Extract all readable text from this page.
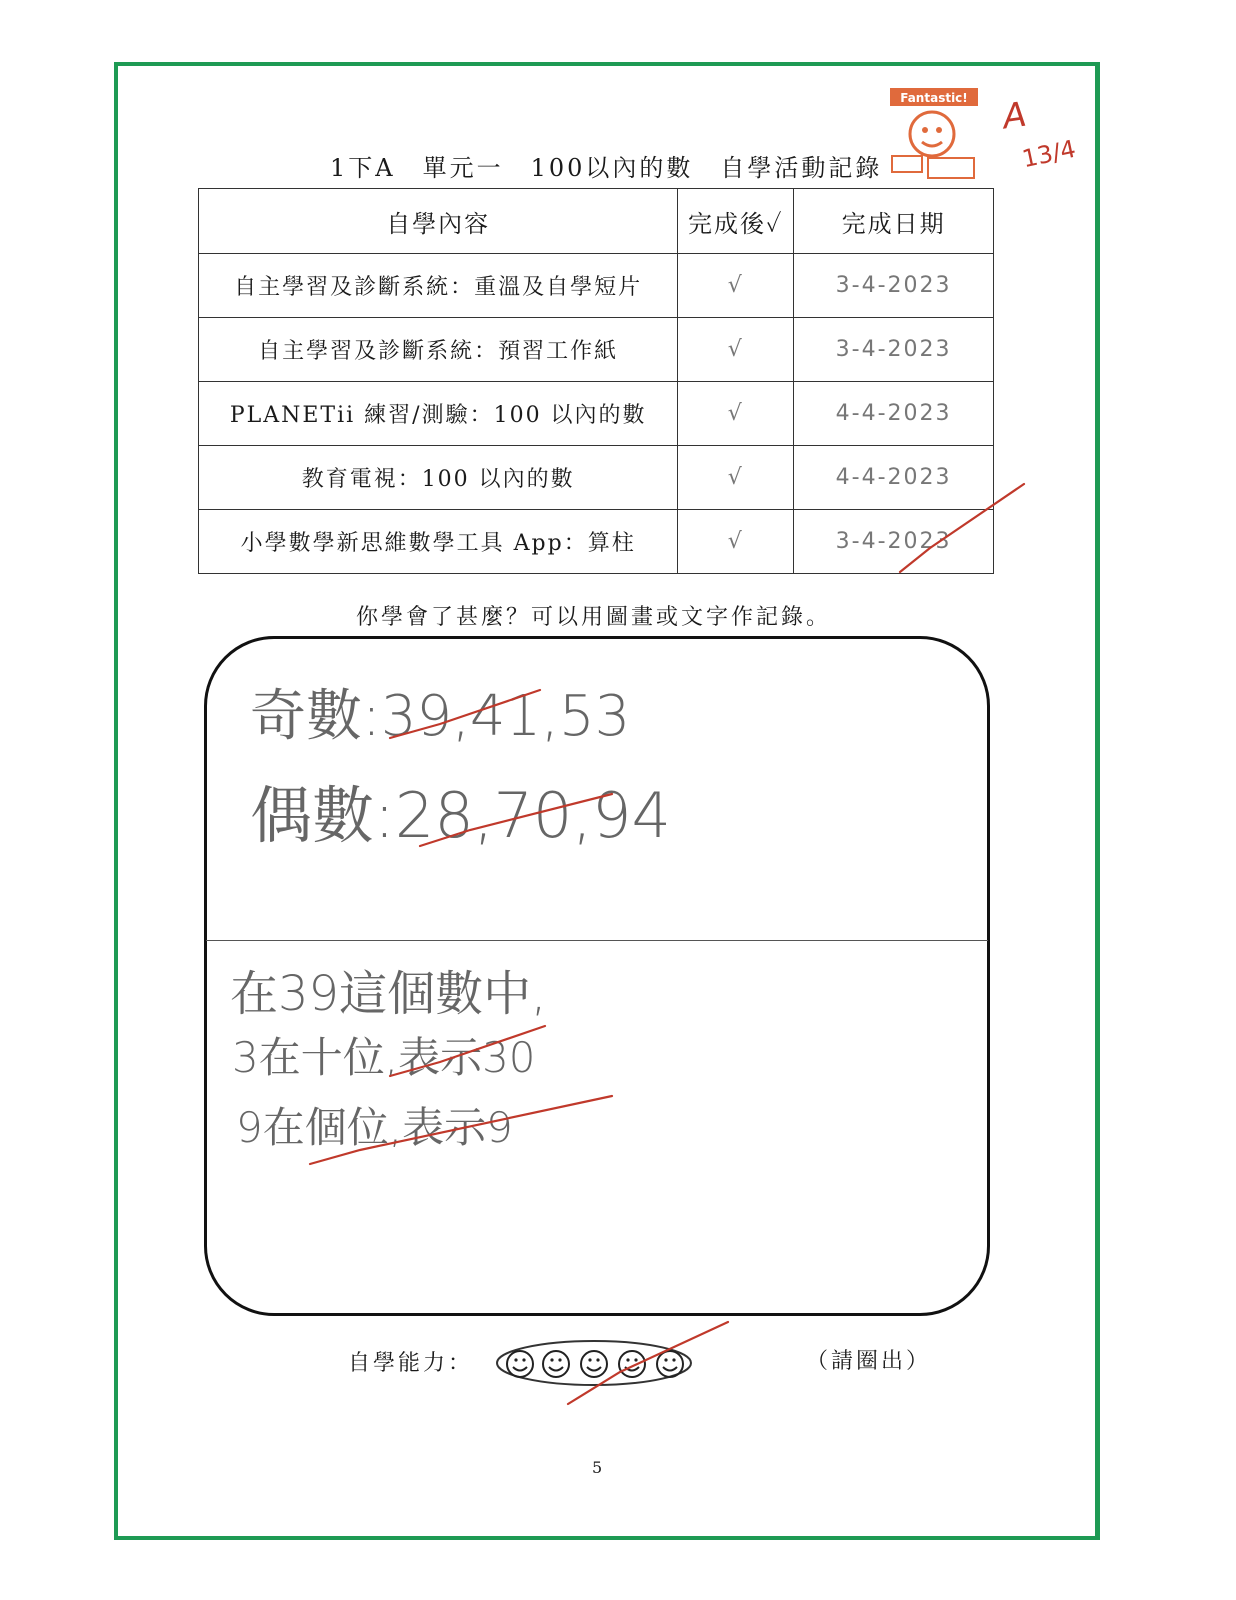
1下A　單元一　100以內的數　自學活動記錄
Fantastic! A
13/4
自學內容	完成後✓	完成日期
自主學習及診斷系統：重溫及自學短片	√	3-4-2023
自主學習及診斷系統：預習工作紙	√	3-4-2023
PLANETii 練習/測驗：100 以內的數	√	4-4-2023
教育電視：100 以內的數	√	4-4-2023
小學數學新思維數學工具 App：算柱	√	3-4-2023
你學會了甚麼？可以用圖畫或文字作記錄。
奇數:39,41,53
偶數:28,70,94
在39這個數中,
3在十位,表示30
9在個位,表示9
自學能力：	（請圈出）
5
